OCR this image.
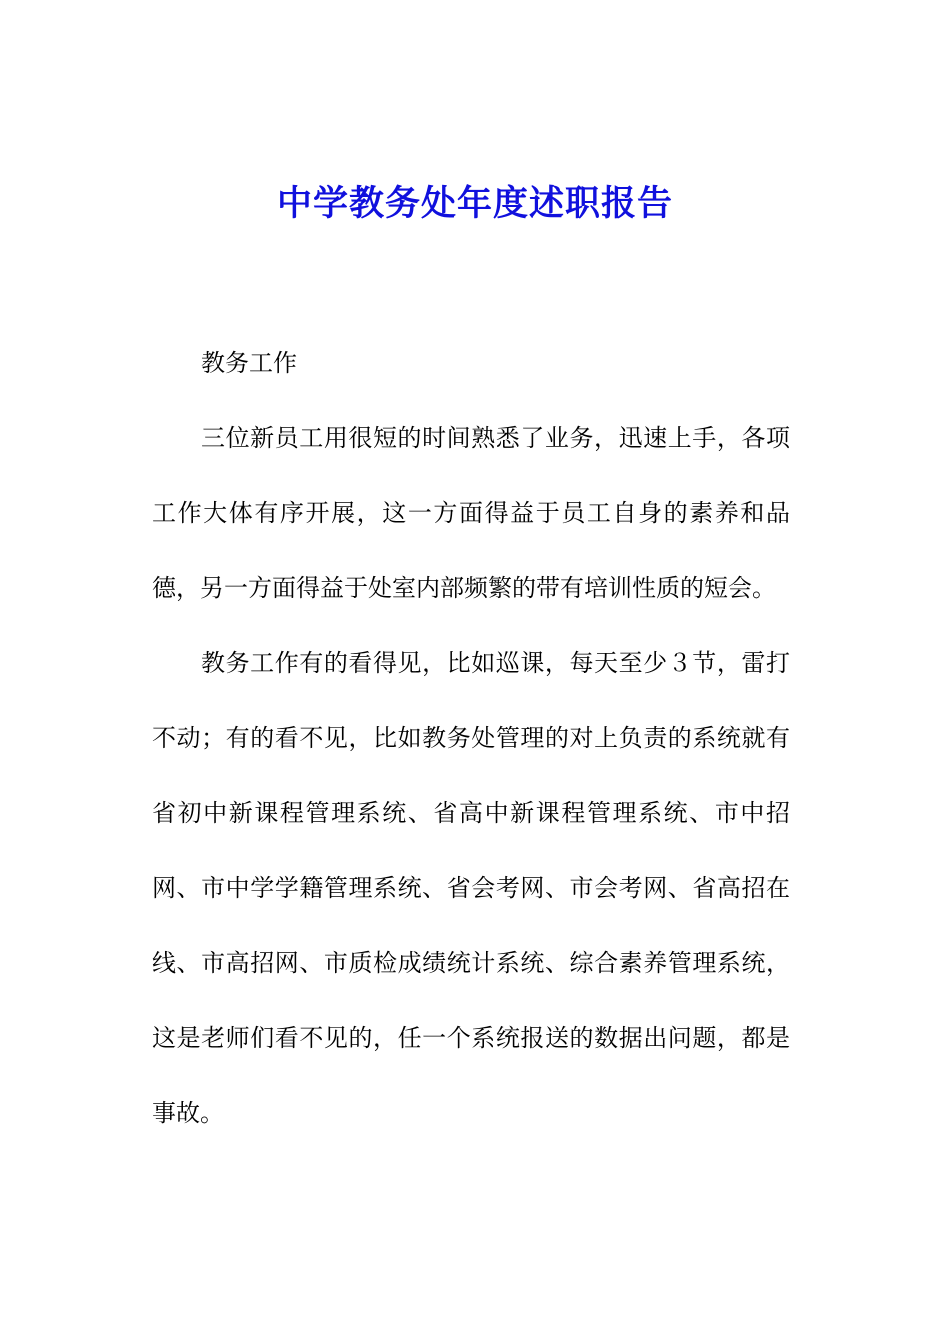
中学教务处年度述职报告

教务工作

三位新员工用很短的时间熟悉了业务，迅速上手，各项工作大体有序开展，这一方面得益于员工自身的素养和品德，另一方面得益于处室内部频繁的带有培训性质的短会。

教务工作有的看得见，比如巡课，每天至少３节，雷打不动；有的看不见，比如教务处管理的对上负责的系统就有省初中新课程管理系统、省高中新课程管理系统、市中招网、市中学学籍管理系统、省会考网、市会考网、省高招在线、市高招网、市质检成绩统计系统、综合素养管理系统，这是老师们看不见的，任一个系统报送的数据出问题，都是事故。
